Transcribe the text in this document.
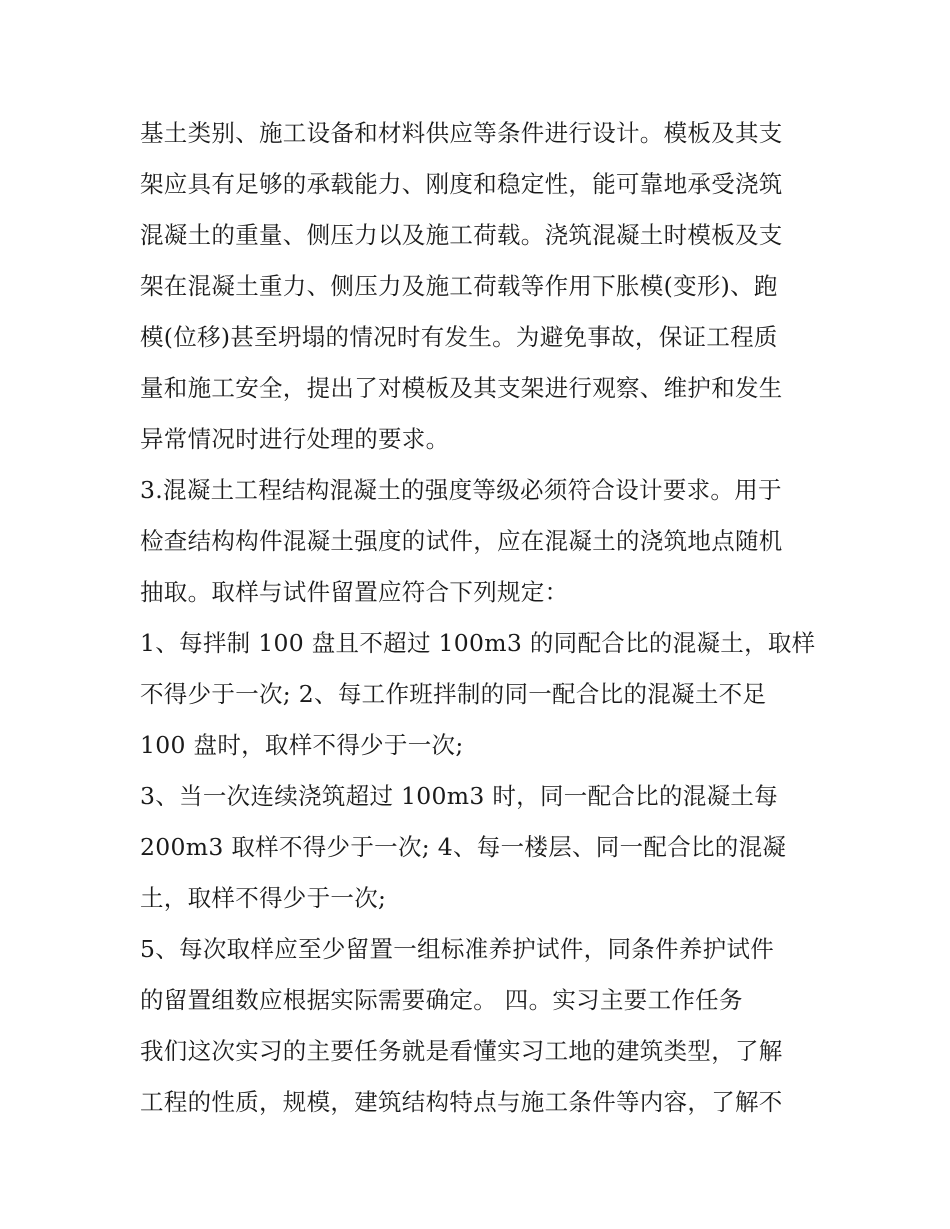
基土类别、施工设备和材料供应等条件进行设计。模板及其支
架应具有足够的承载能力、刚度和稳定性，能可靠地承受浇筑
混凝土的重量、侧压力以及施工荷载。浇筑混凝土时模板及支
架在混凝土重力、侧压力及施工荷载等作用下胀模(变形)、跑
模(位移)甚至坍塌的情况时有发生。为避免事故，保证工程质
量和施工安全，提出了对模板及其支架进行观察、维护和发生
异常情况时进行处理的要求。
3.混凝土工程结构混凝土的强度等级必须符合设计要求。用于
检查结构构件混凝土强度的试件，应在混凝土的浇筑地点随机
抽取。取样与试件留置应符合下列规定：
1、每拌制 100 盘且不超过 100m3 的同配合比的混凝土，取样
不得少于一次; 2、每工作班拌制的同一配合比的混凝土不足
100 盘时，取样不得少于一次;
3、当一次连续浇筑超过 100m3 时，同一配合比的混凝土每
200m3 取样不得少于一次; 4、每一楼层、同一配合比的混凝
土，取样不得少于一次;
5、每次取样应至少留置一组标准养护试件，同条件养护试件
的留置组数应根据实际需要确定。 四。实习主要工作任务
我们这次实习的主要任务就是看懂实习工地的建筑类型，了解
工程的性质，规模，建筑结构特点与施工条件等内容，了解不
